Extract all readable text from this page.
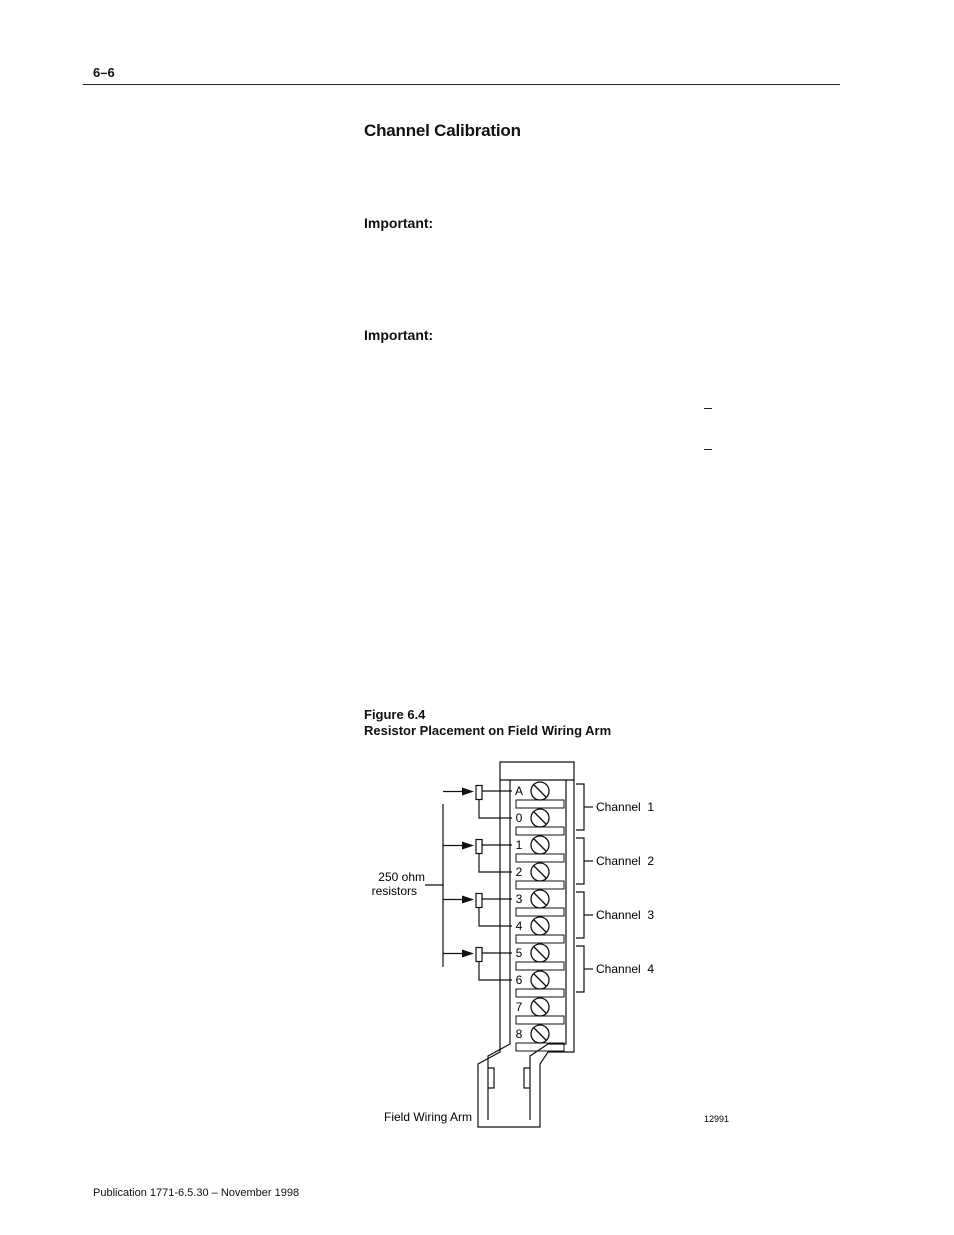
6–6
Channel Calibration
Important:
Important:
Figure 6.4
Resistor Placement on Field Wiring Arm
A
0
1
2
3
4
5
6
7
8
Channel  1
Channel  2
Channel  3
Channel  4
250 ohm
resistors
Field Wiring Arm	12991
Publication 1771-6.5.30 – November 1998
